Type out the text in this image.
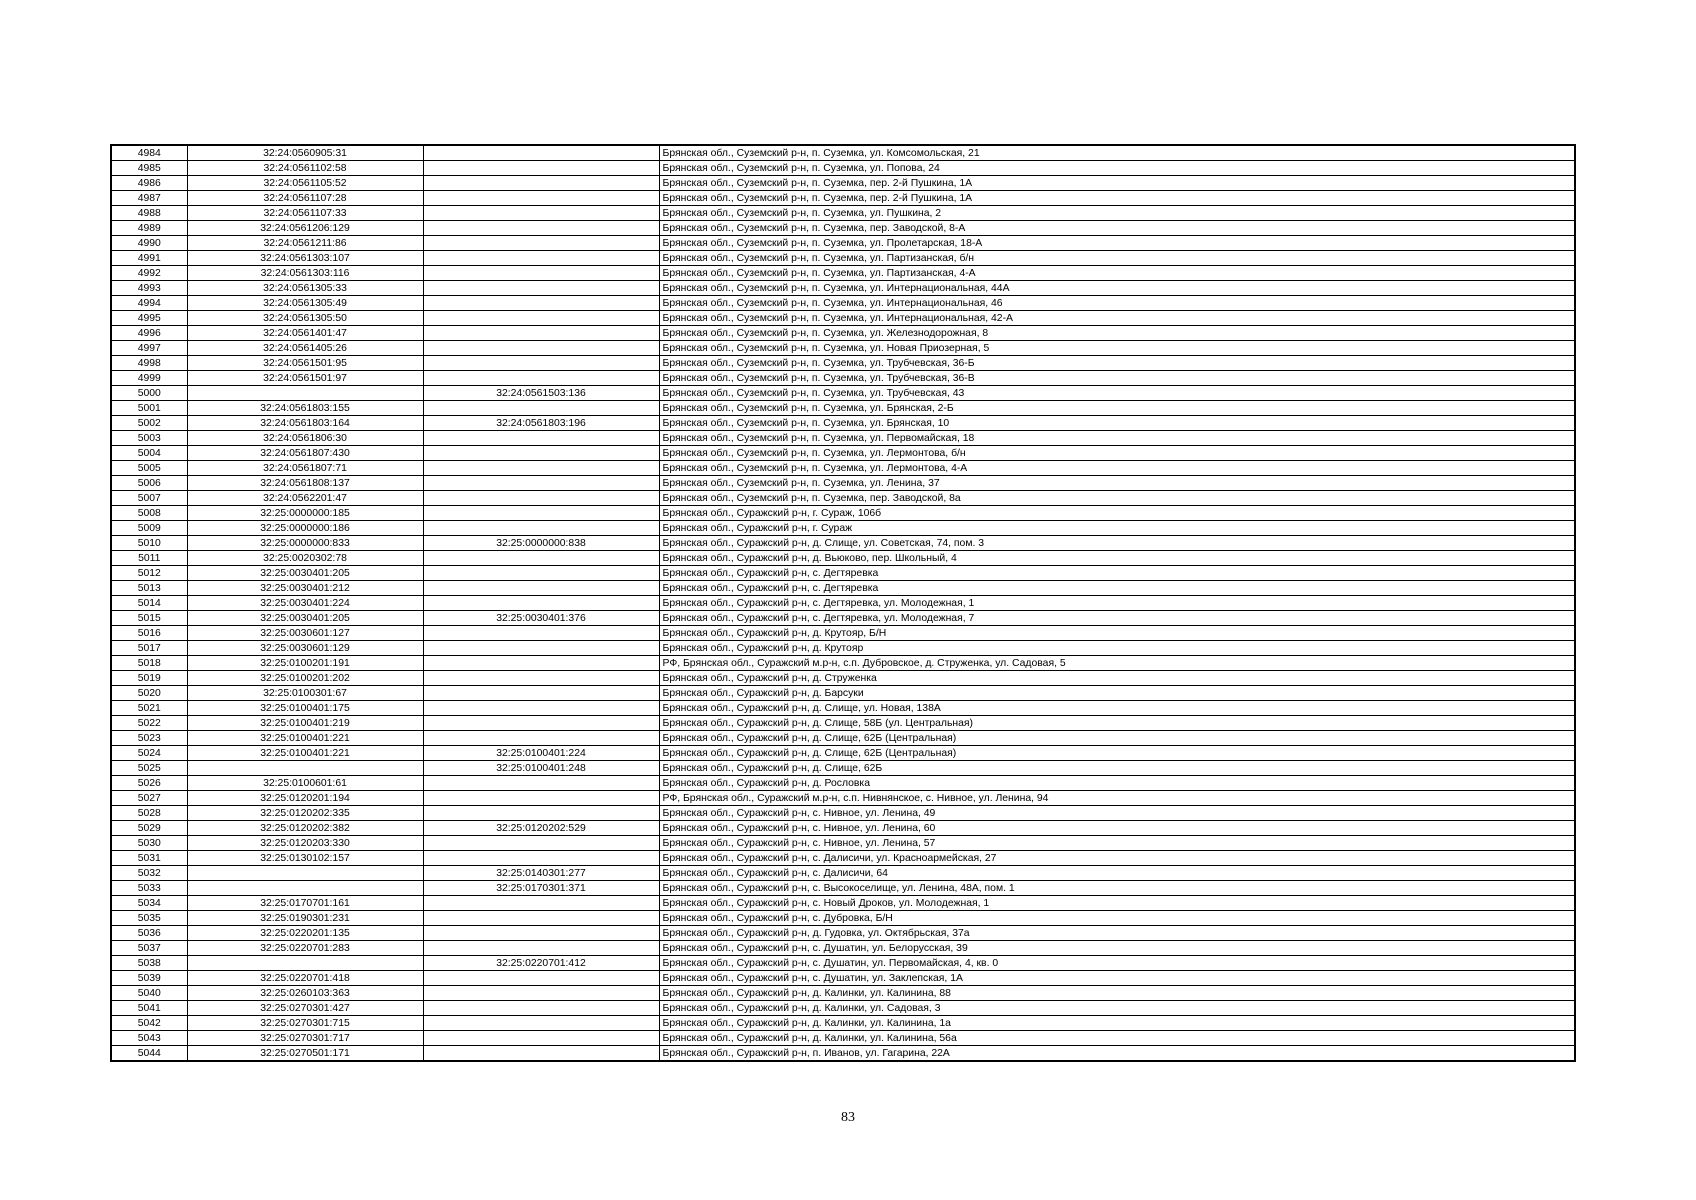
4984	32:24:0560905:31		Брянская обл., Суземский р-н, п. Суземка, ул. Комсомольская, 21
4985	32:24:0561102:58		Брянская обл., Суземский р-н, п. Суземка, ул. Попова, 24
4986	32:24:0561105:52		Брянская обл., Суземский р-н, п. Суземка, пер. 2-й Пушкина, 1А
4987	32:24:0561107:28		Брянская обл., Суземский р-н, п. Суземка, пер. 2-й Пушкина, 1А
4988	32:24:0561107:33		Брянская обл., Суземский р-н, п. Суземка, ул. Пушкина, 2
4989	32:24:0561206:129		Брянская обл., Суземский р-н, п. Суземка, пер. Заводской, 8-А
4990	32:24:0561211:86		Брянская обл., Суземский р-н, п. Суземка, ул. Пролетарская, 18-А
4991	32:24:0561303:107		Брянская обл., Суземский р-н, п. Суземка, ул. Партизанская, б/н
4992	32:24:0561303:116		Брянская обл., Суземский р-н, п. Суземка, ул. Партизанская, 4-А
4993	32:24:0561305:33		Брянская обл., Суземский р-н, п. Суземка, ул. Интернациональная, 44А
4994	32:24:0561305:49		Брянская обл., Суземский р-н, п. Суземка, ул. Интернациональная, 46
4995	32:24:0561305:50		Брянская обл., Суземский р-н, п. Суземка, ул. Интернациональная, 42-А
4996	32:24:0561401:47		Брянская обл., Суземский р-н, п. Суземка, ул. Железнодорожная, 8
4997	32:24:0561405:26		Брянская обл., Суземский р-н, п. Суземка, ул. Новая Приозерная, 5
4998	32:24:0561501:95		Брянская обл., Суземский р-н, п. Суземка, ул. Трубчевская, 36-Б
4999	32:24:0561501:97		Брянская обл., Суземский р-н, п. Суземка, ул. Трубчевская, 36-В
5000		32:24:0561503:136	Брянская обл., Суземский р-н, п. Суземка, ул. Трубчевская, 43
5001	32:24:0561803:155		Брянская обл., Суземский р-н, п. Суземка, ул. Брянская, 2-Б
5002	32:24:0561803:164	32:24:0561803:196	Брянская обл., Суземский р-н, п. Суземка, ул. Брянская, 10
5003	32:24:0561806:30		Брянская обл., Суземский р-н, п. Суземка, ул. Первомайская, 18
5004	32:24:0561807:430		Брянская обл., Суземский р-н, п. Суземка, ул. Лермонтова, б/н
5005	32:24:0561807:71		Брянская обл., Суземский р-н, п. Суземка, ул. Лермонтова, 4-А
5006	32:24:0561808:137		Брянская обл., Суземский р-н, п. Суземка, ул. Ленина, 37
5007	32:24:0562201:47		Брянская обл., Суземский р-н, п. Суземка, пер. Заводской, 8а
5008	32:25:0000000:185		Брянская обл., Суражский р-н, г. Сураж, 106б
5009	32:25:0000000:186		Брянская обл., Суражский р-н, г. Сураж
5010	32:25:0000000:833	32:25:0000000:838	Брянская обл., Суражский р-н, д. Слище, ул. Советская, 74, пом. 3
5011	32:25:0020302:78		Брянская обл., Суражский р-н, д. Вьюково, пер. Школьный, 4
5012	32:25:0030401:205		Брянская обл., Суражский р-н, с. Дегтяревка
5013	32:25:0030401:212		Брянская обл., Суражский р-н, с. Дегтяревка
5014	32:25:0030401:224		Брянская обл., Суражский р-н, с. Дегтяревка, ул. Молодежная, 1
5015	32:25:0030401:205	32:25:0030401:376	Брянская обл., Суражский р-н, с. Дегтяревка, ул. Молодежная, 7
5016	32:25:0030601:127		Брянская обл., Суражский р-н, д. Крутояр, Б/Н
5017	32:25:0030601:129		Брянская обл., Суражский р-н, д. Крутояр
5018	32:25:0100201:191		РФ, Брянская обл., Суражский м.р-н, с.п. Дубровское, д. Струженка, ул. Садовая, 5
5019	32:25:0100201:202		Брянская обл., Суражский р-н, д. Струженка
5020	32:25:0100301:67		Брянская обл., Суражский р-н, д. Барсуки
5021	32:25:0100401:175		Брянская обл., Суражский р-н, д. Слище, ул. Новая, 138А
5022	32:25:0100401:219		Брянская обл., Суражский р-н, д. Слище, 58Б (ул. Центральная)
5023	32:25:0100401:221		Брянская обл., Суражский р-н, д. Слище, 62Б (Центральная)
5024	32:25:0100401:221	32:25:0100401:224	Брянская обл., Суражский р-н, д. Слище, 62Б (Центральная)
5025		32:25:0100401:248	Брянская обл., Суражский р-н, д. Слище, 62Б
5026	32:25:0100601:61		Брянская обл., Суражский р-н, д. Рословка
5027	32:25:0120201:194		РФ, Брянская обл., Суражский м.р-н, с.п. Нивнянское, с. Нивное, ул. Ленина, 94
5028	32:25:0120202:335		Брянская обл., Суражский р-н, с. Нивное, ул. Ленина, 49
5029	32:25:0120202:382	32:25:0120202:529	Брянская обл., Суражский р-н, с. Нивное, ул. Ленина, 60
5030	32:25:0120203:330		Брянская обл., Суражский р-н, с. Нивное, ул. Ленина, 57
5031	32:25:0130102:157		Брянская обл., Суражский р-н, с. Далисичи, ул. Красноармейская, 27
5032		32:25:0140301:277	Брянская обл., Суражский р-н, с. Далисичи, 64
5033		32:25:0170301:371	Брянская обл., Суражский р-н, с. Высокоселище, ул. Ленина, 48А, пом. 1
5034	32:25:0170701:161		Брянская обл., Суражский р-н, с. Новый Дроков, ул. Молодежная, 1
5035	32:25:0190301:231		Брянская обл., Суражский р-н, с. Дубровка, Б/Н
5036	32:25:0220201:135		Брянская обл., Суражский р-н, д. Гудовка, ул. Октябрьская, 37а
5037	32:25:0220701:283		Брянская обл., Суражский р-н, с. Душатин, ул. Белорусская, 39
5038		32:25:0220701:412	Брянская обл., Суражский р-н, с. Душатин, ул. Первомайская, 4, кв. 0
5039	32:25:0220701:418		Брянская обл., Суражский р-н, с. Душатин, ул. Заклепская, 1А
5040	32:25:0260103:363		Брянская обл., Суражский р-н, д. Калинки, ул. Калинина, 88
5041	32:25:0270301:427		Брянская обл., Суражский р-н, д. Калинки, ул. Садовая, 3
5042	32:25:0270301:715		Брянская обл., Суражский р-н, д. Калинки, ул. Калинина, 1а
5043	32:25:0270301:717		Брянская обл., Суражский р-н, д. Калинки, ул. Калинина, 56а
5044	32:25:0270501:171		Брянская обл., Суражский р-н, п. Иванов, ул. Гагарина, 22А
83
